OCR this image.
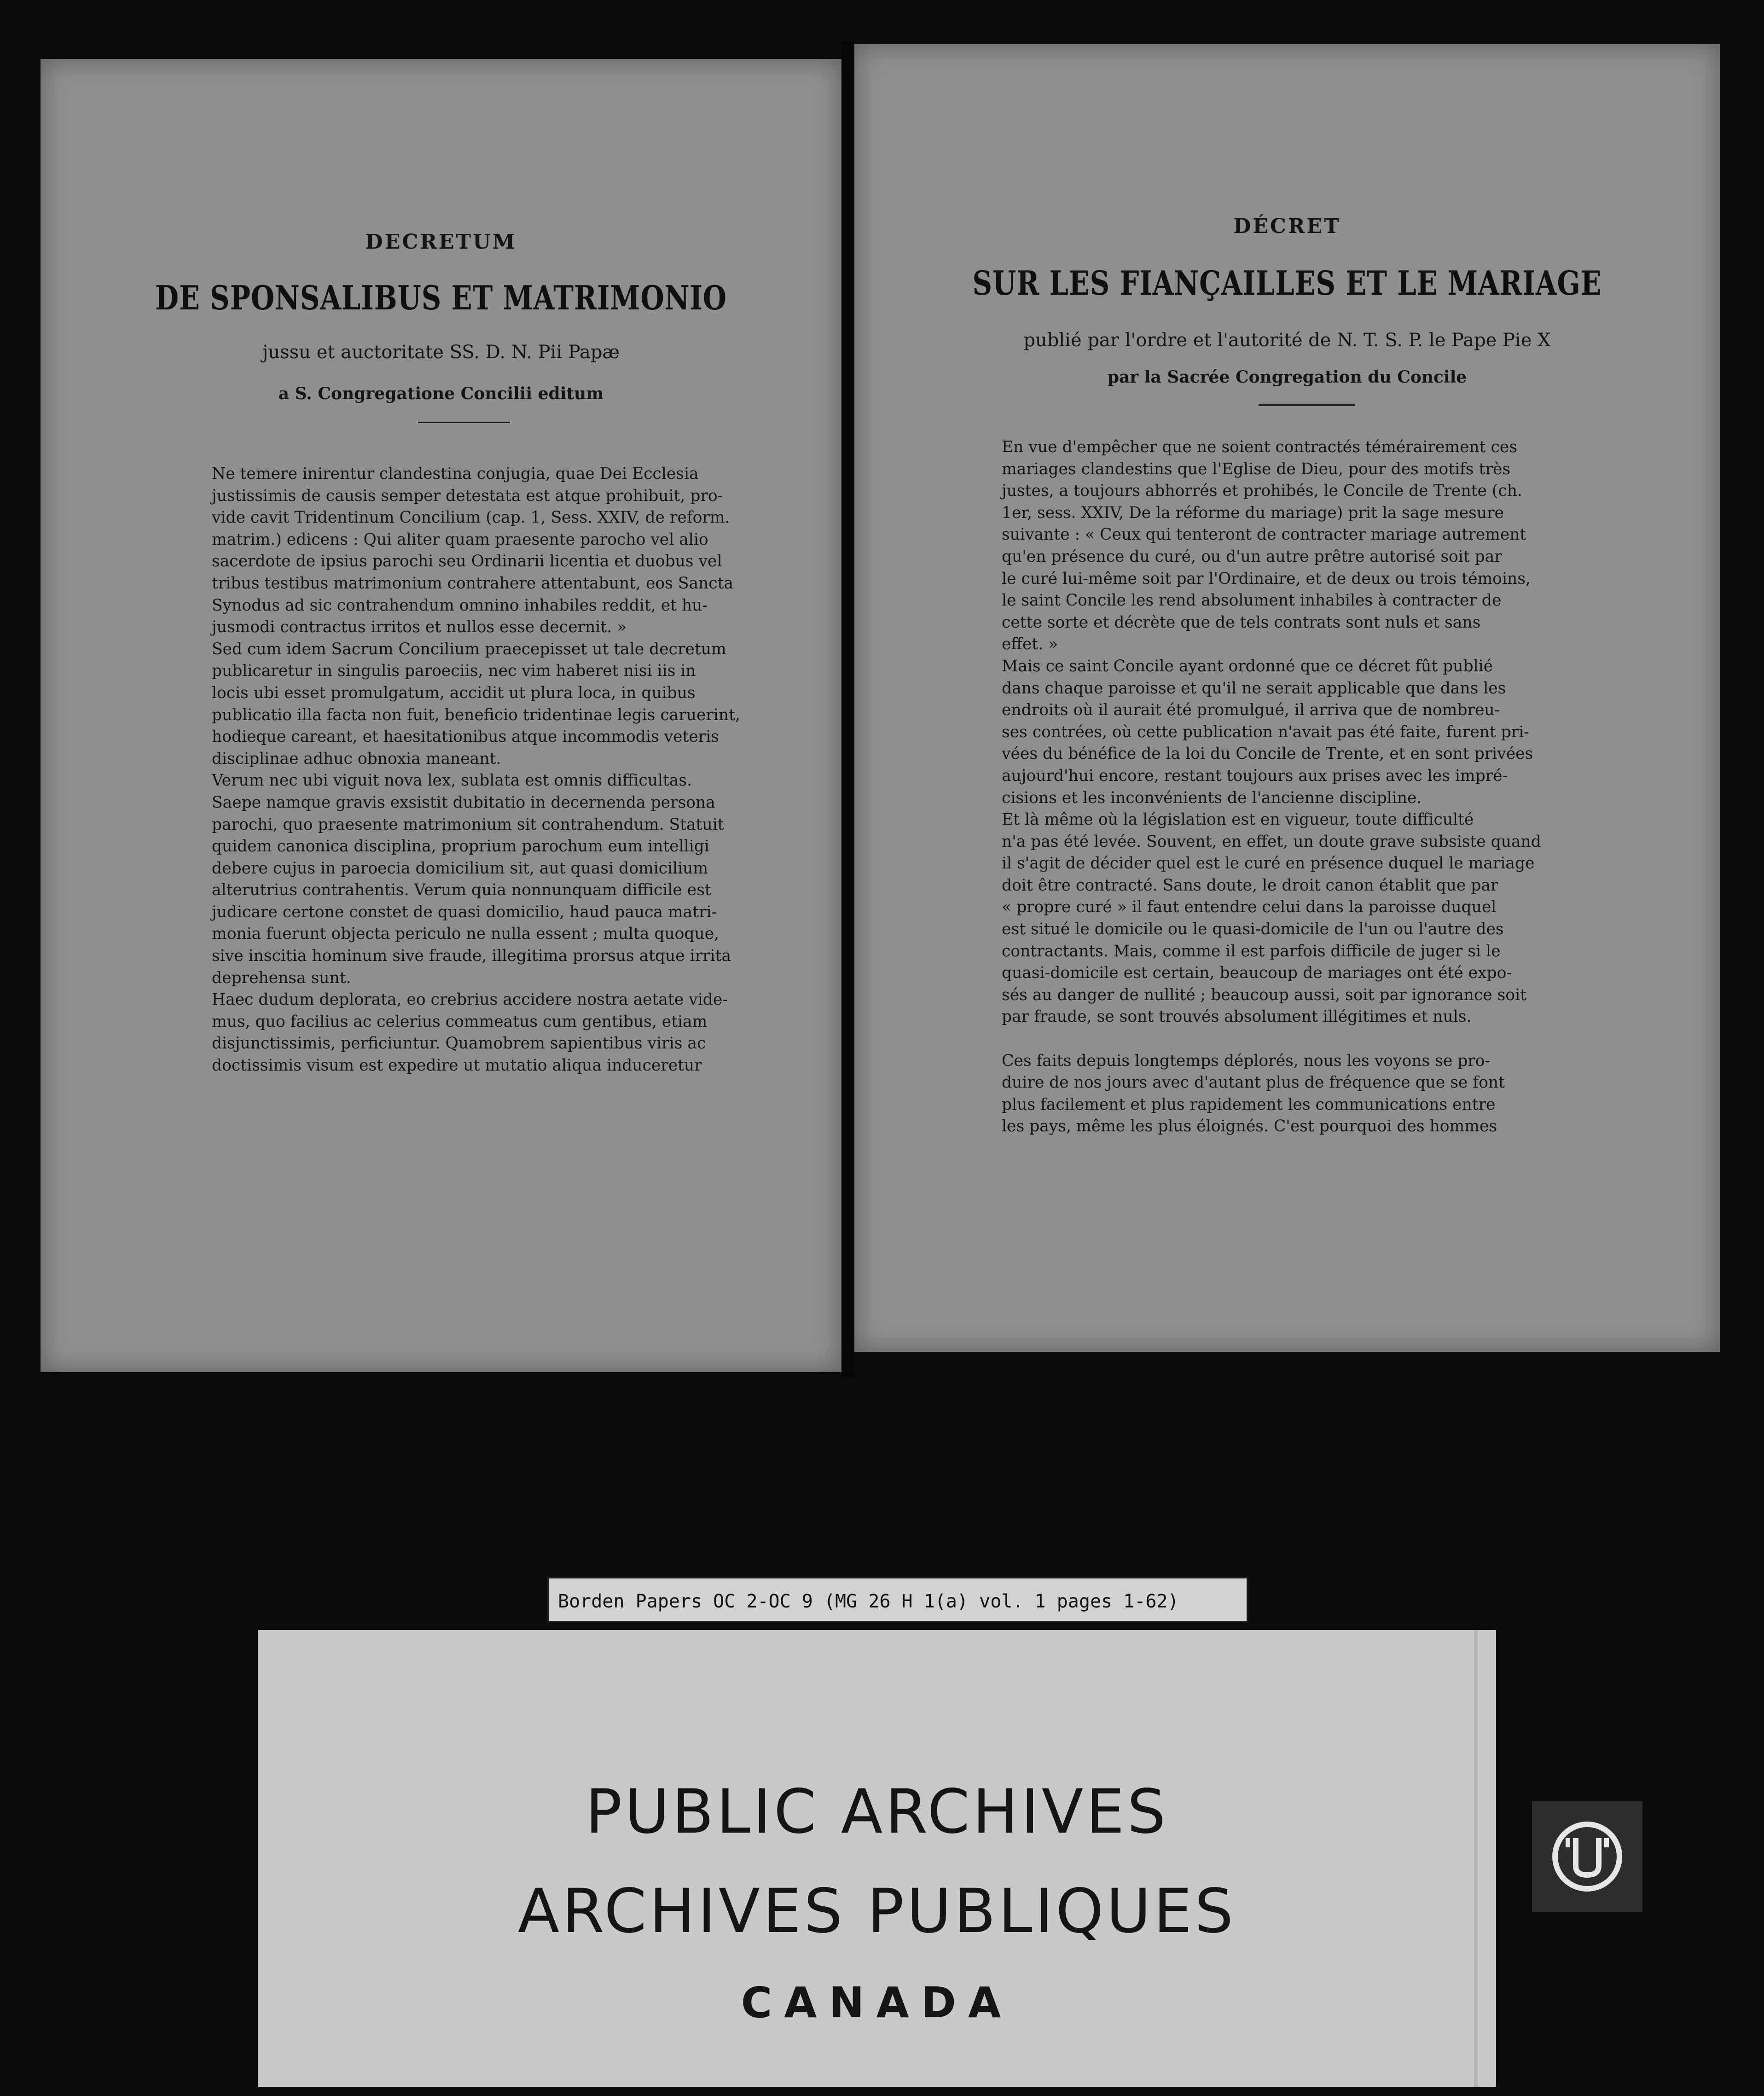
DECRETUM
DE SPONSALIBUS ET MATRIMONIO
jussu et auctoritate SS. D. N. Pii Papæ
a S. Congregatione Concilii editum
Ne temere inirentur clandestina conjugia, quae Dei Ecclesia
justissimis de causis semper detestata est atque prohibuit, pro-
vide cavit Tridentinum Concilium (cap. 1, Sess. XXIV, de reform.
matrim.) edicens : Qui aliter quam praesente parocho vel alio
sacerdote de ipsius parochi seu Ordinarii licentia et duobus vel
tribus testibus matrimonium contrahere attentabunt, eos Sancta
Synodus ad sic contrahendum omnino inhabiles reddit, et hu-
jusmodi contractus irritos et nullos esse decernit. »
Sed cum idem Sacrum Concilium praecepisset ut tale decretum
publicaretur in singulis paroeciis, nec vim haberet nisi iis in
locis ubi esset promulgatum, accidit ut plura loca, in quibus
publicatio illa facta non fuit, beneficio tridentinae legis caruerint,
hodieque careant, et haesitationibus atque incommodis veteris
disciplinae adhuc obnoxia maneant.
Verum nec ubi viguit nova lex, sublata est omnis difficultas.
Saepe namque gravis exsistit dubitatio in decernenda persona
parochi, quo praesente matrimonium sit contrahendum. Statuit
quidem canonica disciplina, proprium parochum eum intelligi
debere cujus in paroecia domicilium sit, aut quasi domicilium
alterutrius contrahentis. Verum quia nonnunquam difficile est
judicare certone constet de quasi domicilio, haud pauca matri-
monia fuerunt objecta periculo ne nulla essent ; multa quoque,
sive inscitia hominum sive fraude, illegitima prorsus atque irrita
deprehensa sunt.
Haec dudum deplorata, eo crebrius accidere nostra aetate vide-
mus, quo facilius ac celerius commeatus cum gentibus, etiam
disjunctissimis, perficiuntur. Quamobrem sapientibus viris ac
doctissimis visum est expedire ut mutatio aliqua induceretur
DÉCRET
SUR LES FIANÇAILLES ET LE MARIAGE
publié par l'ordre et l'autorité de N. T. S. P. le Pape Pie X
par la Sacrée Congregation du Concile
En vue d'empêcher que ne soient contractés témérairement ces
mariages clandestins que l'Eglise de Dieu, pour des motifs très
justes, a toujours abhorrés et prohibés, le Concile de Trente (ch.
1er, sess. XXIV, De la réforme du mariage) prit la sage mesure
suivante : « Ceux qui tenteront de contracter mariage autrement
qu'en présence du curé, ou d'un autre prêtre autorisé soit par
le curé lui-même soit par l'Ordinaire, et de deux ou trois témoins,
le saint Concile les rend absolument inhabiles à contracter de
cette sorte et décrète que de tels contrats sont nuls et sans
effet. »
Mais ce saint Concile ayant ordonné que ce décret fût publié
dans chaque paroisse et qu'il ne serait applicable que dans les
endroits où il aurait été promulgué, il arriva que de nombreu-
ses contrées, où cette publication n'avait pas été faite, furent pri-
vées du bénéfice de la loi du Concile de Trente, et en sont privées
aujourd'hui encore, restant toujours aux prises avec les impré-
cisions et les inconvénients de l'ancienne discipline.
Et là même où la législation est en vigueur, toute difficulté
n'a pas été levée. Souvent, en effet, un doute grave subsiste quand
il s'agit de décider quel est le curé en présence duquel le mariage
doit être contracté. Sans doute, le droit canon établit que par
« propre curé » il faut entendre celui dans la paroisse duquel
est situé le domicile ou le quasi-domicile de l'un ou l'autre des
contractants. Mais, comme il est parfois difficile de juger si le
quasi-domicile est certain, beaucoup de mariages ont été expo-
sés au danger de nullité ; beaucoup aussi, soit par ignorance soit
par fraude, se sont trouvés absolument illégitimes et nuls.

Ces faits depuis longtemps déplorés, nous les voyons se pro-
duire de nos jours avec d'autant plus de fréquence que se font
plus facilement et plus rapidement les communications entre
les pays, même les plus éloignés. C'est pourquoi des hommes
Borden Papers OC 2-OC 9 (MG 26 H 1(a) vol. 1 pages 1-62)
PUBLIC ARCHIVES
ARCHIVES PUBLIQUES
CANADA
